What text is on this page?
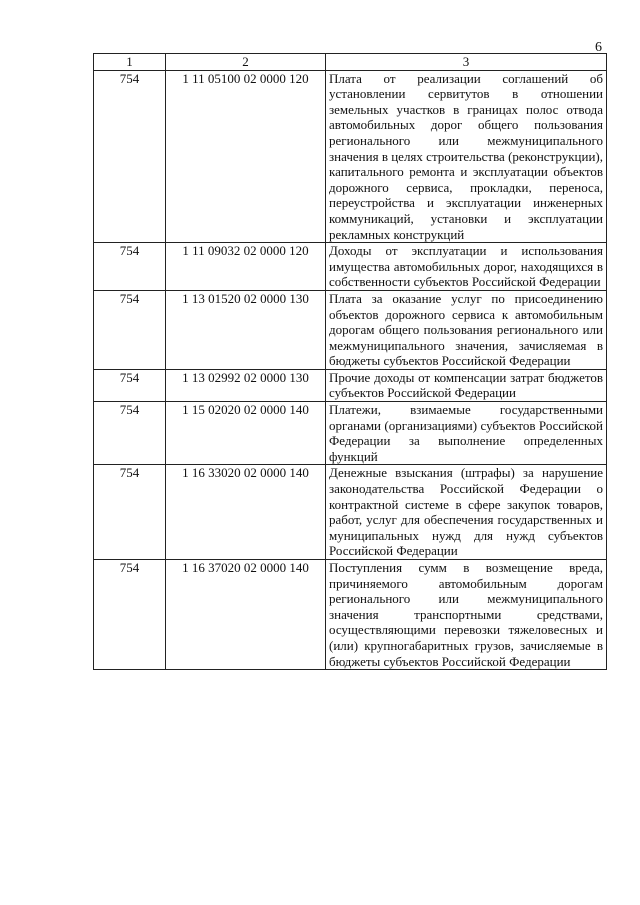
6
1	2	3
754	1 11 05100 02 0000 120	Плата от реализации соглашений об установлении сервитутов в отношении земельных участков в границах полос отвода автомобильных дорог общего пользования регионального или межмуниципального значения в целях строительства (реконструкции), капитального ремонта и эксплуатации объектов дорожного сервиса, прокладки, переноса, переустройства и эксплуатации инженерных коммуникаций, установки и эксплуатации рекламных конструкций
754	1 11 09032 02 0000 120	Доходы от эксплуатации и использования имущества автомобильных дорог, находящихся в собственности субъектов Российской Федерации
754	1 13 01520 02 0000 130	Плата за оказание услуг по присоединению объектов дорожного сервиса к автомобильным дорогам общего пользования регионального или межмуниципального значения, зачисляемая в бюджеты субъектов Российской Федерации
754	1 13 02992 02 0000 130	Прочие доходы от компенсации затрат бюджетов субъектов Российской Федерации
754	1 15 02020 02 0000 140	Платежи, взимаемые государственными органами (организациями) субъектов Российской Федерации за выполнение определенных функций
754	1 16 33020 02 0000 140	Денежные взыскания (штрафы) за нарушение законодательства Российской Федерации о контрактной системе в сфере закупок товаров, работ, услуг для обеспечения государственных и муниципальных нужд для нужд субъектов Российской Федерации
754	1 16 37020 02 0000 140	Поступления сумм в возмещение вреда, причиняемого автомобильным дорогам регионального или межмуниципального значения транспортными средствами, осуществляющими перевозки тяжеловесных и (или) крупногабаритных грузов, зачисляемые в бюджеты субъектов Российской Федерации
